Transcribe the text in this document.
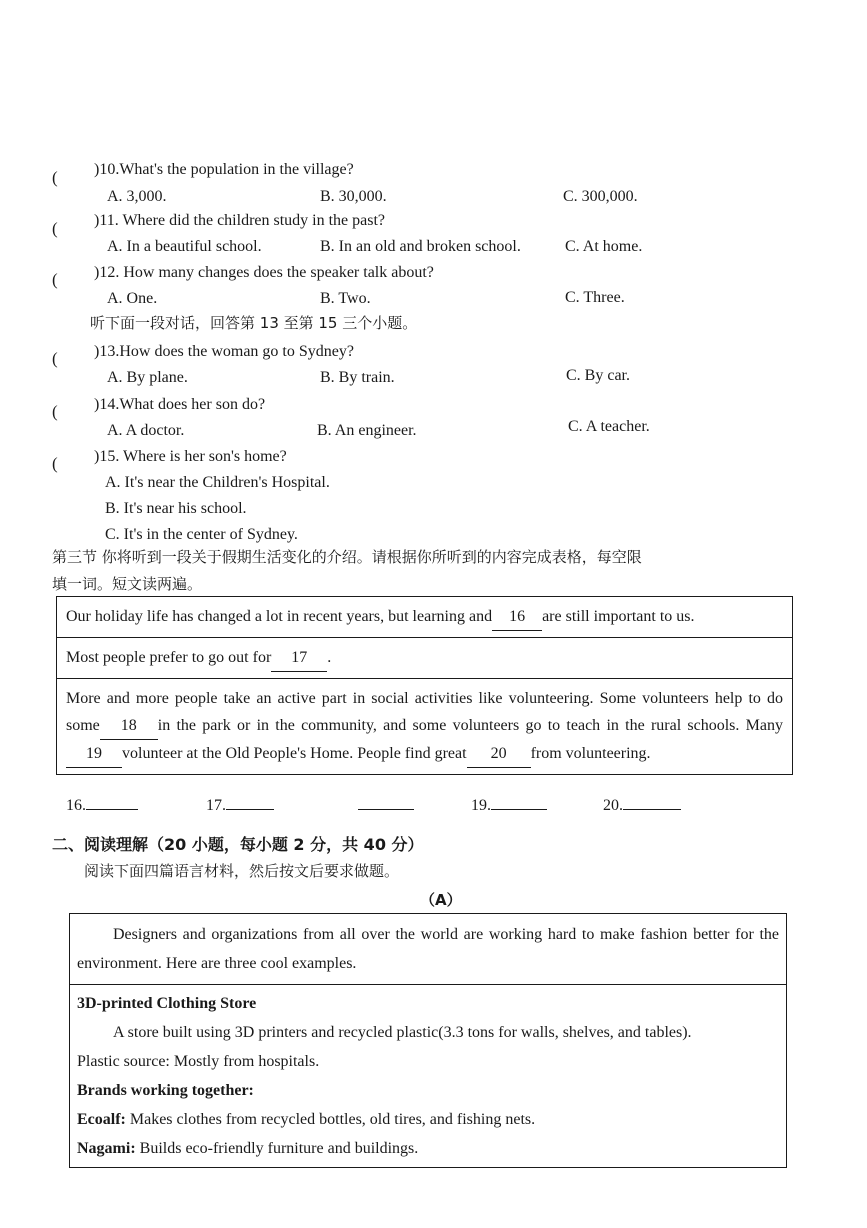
( )10.What's the population in the village?
A. 3,000.	B. 30,000.	C. 300,000.
( )11. Where did the children study in the past?
A. In a beautiful school.	B. In an old and broken school.	C. At home.
( )12. How many changes does the speaker talk about?
A. One.	B. Two.	C. Three.
听下面一段对话，回答第 13 至第 15 三个小题。
( )13.How does the woman go to Sydney?
A. By plane.	B. By train.	C. By car.
( )14.What does her son do?
A. A doctor.	B. An engineer.	C. A teacher.
( )15. Where is her son's home?
A. It's near the Children's Hospital.
B. It's near his school.
C. It's in the center of Sydney.
第三节 你将听到一段关于假期生活变化的介绍。请根据你所听到的内容完成表格，每空限
填一词。短文读两遍。
Our holiday life has changed a lot in recent years, but learning and 16 are still important to us.
Most people prefer to go out for 17 .
More and more people take an active part in social activities like volunteering. Some volunteers help to do some 18 in the park or in the community, and some volunteers go to teach in the rural schools. Many19 volunteer at the Old People's Home. People find great 20 from volunteering.
16.	17.	19.	20.
二、阅读理解（20 小题，每小题 2 分，共 40 分）
阅读下面四篇语言材料，然后按文后要求做题。
（A）
Designers and organizations from all over the world are working hard to make fashion better for the environment. Here are three cool examples.
3D-printed Clothing Store
A store built using 3D printers and recycled plastic(3.3 tons for walls, shelves, and tables).
Plastic source: Mostly from hospitals.
Brands working together:
Ecoalf: Makes clothes from recycled bottles, old tires, and fishing nets.
Nagami: Builds eco-friendly furniture and buildings.
